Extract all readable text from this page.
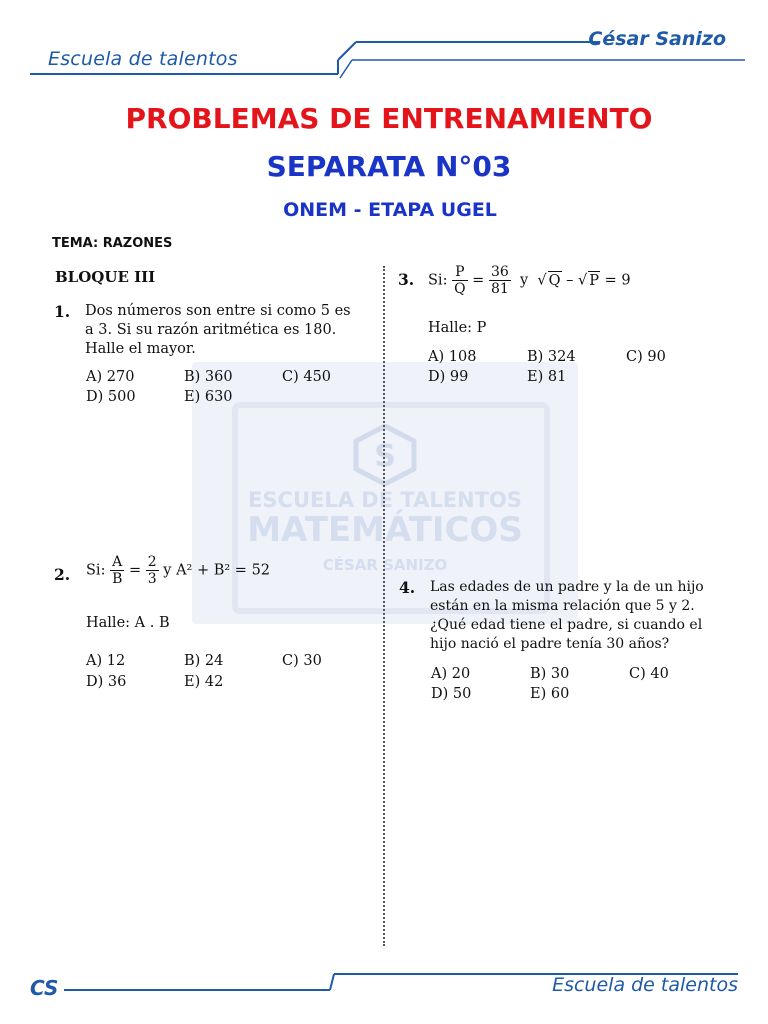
Escuela de talentos
César Sanizo
PROBLEMAS DE ENTRENAMIENTO
SEPARATA N°03
ONEM - ETAPA UGEL
TEMA: RAZONES
BLOQUE III
S
ESCUELA DE TALENTOS
MATEMÁTICOS
CÉSAR SANIZO
1. Dos números son entre si como 5 es
a 3. Si su razón aritmética es 180.
Halle el mayor.
A) 270	B) 360	C) 450
D) 500	E) 630
2. Si: $\frac{A}{B} = \frac{2}{3}$ y A² + B² = 52
Halle: A . B
A) 12	B) 24	C) 30
D) 36	E) 42
3. Si: $\frac{P}{Q} = \frac{36}{81}$ y √ Q – √ P = 9
Halle: P
A) 108	B) 324	C) 90
D) 99	E) 81
4. Las edades de un padre y la de un hijo
están en la misma relación que 5 y 2.
¿Qué edad tiene el padre, si cuando el
hijo nació el padre tenía 30 años?
A) 20	B) 30	C) 40
D) 50	E) 60
CS	Escuela de talentos
